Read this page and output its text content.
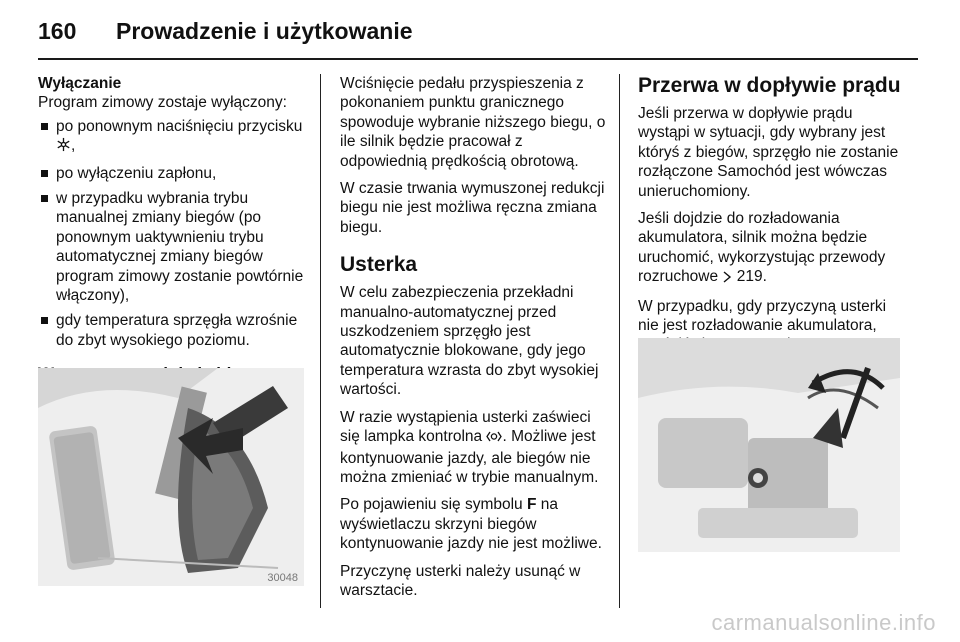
160 Prowadzenie i użytkowanie
Wyłączanie
Program zimowy zostaje wyłączony:
po ponownym naciśnięciu przycisku ,
po wyłączeniu zapłonu,
w przypadku wybrania trybu manualnej zmiany biegów (po ponownym uaktywnieniu trybu automatycznej zmiany biegów program zimowy zostanie powtórnie włączony),
gdy temperatura sprzęgła wzrośnie do zbyt wysokiego poziomu.
30048

Wciśnięcie pedału przyspieszenia z pokonaniem punktu granicznego spowoduje wybranie niższego biegu, o ile silnik będzie pracował z odpowiednią prędkością obrotową.

W czasie trwania wymuszonej redukcji biegu nie jest możliwa ręczna zmiana biegu.

Usterka

W celu zabezpieczenia przekładni manualno-automatycznej przed uszkodzeniem sprzęgło jest automatycznie blokowane, gdy jego temperatura wzrasta do zbyt wysokiej wartości.

W razie wystąpienia usterki zaświeci się lampka kontrolna . Możliwe jest kontynuowanie jazdy, ale biegów nie można zmieniać w trybie manualnym.

Po pojawieniu się symbolu F na wyświetlaczu skrzyni biegów kontynuowanie jazdy nie jest możliwe.

Przyczynę usterki należy usunąć w warsztacie.

Przerwa w dopływie prądu

Jeśli przerwa w dopływie prądu wystąpi w sytuacji, gdy wybrany jest któryś z biegów, sprzęgło nie zostanie rozłączone Samochód jest wówczas unieruchomiony.

Jeśli dojdzie do rozładowania akumulatora, silnik można będzie uruchomić, wykorzystując przewody rozruchowe 219.

W przypadku, gdy przyczyną usterki nie jest rozładowanie akumulatora,

carmanualsonline.info
